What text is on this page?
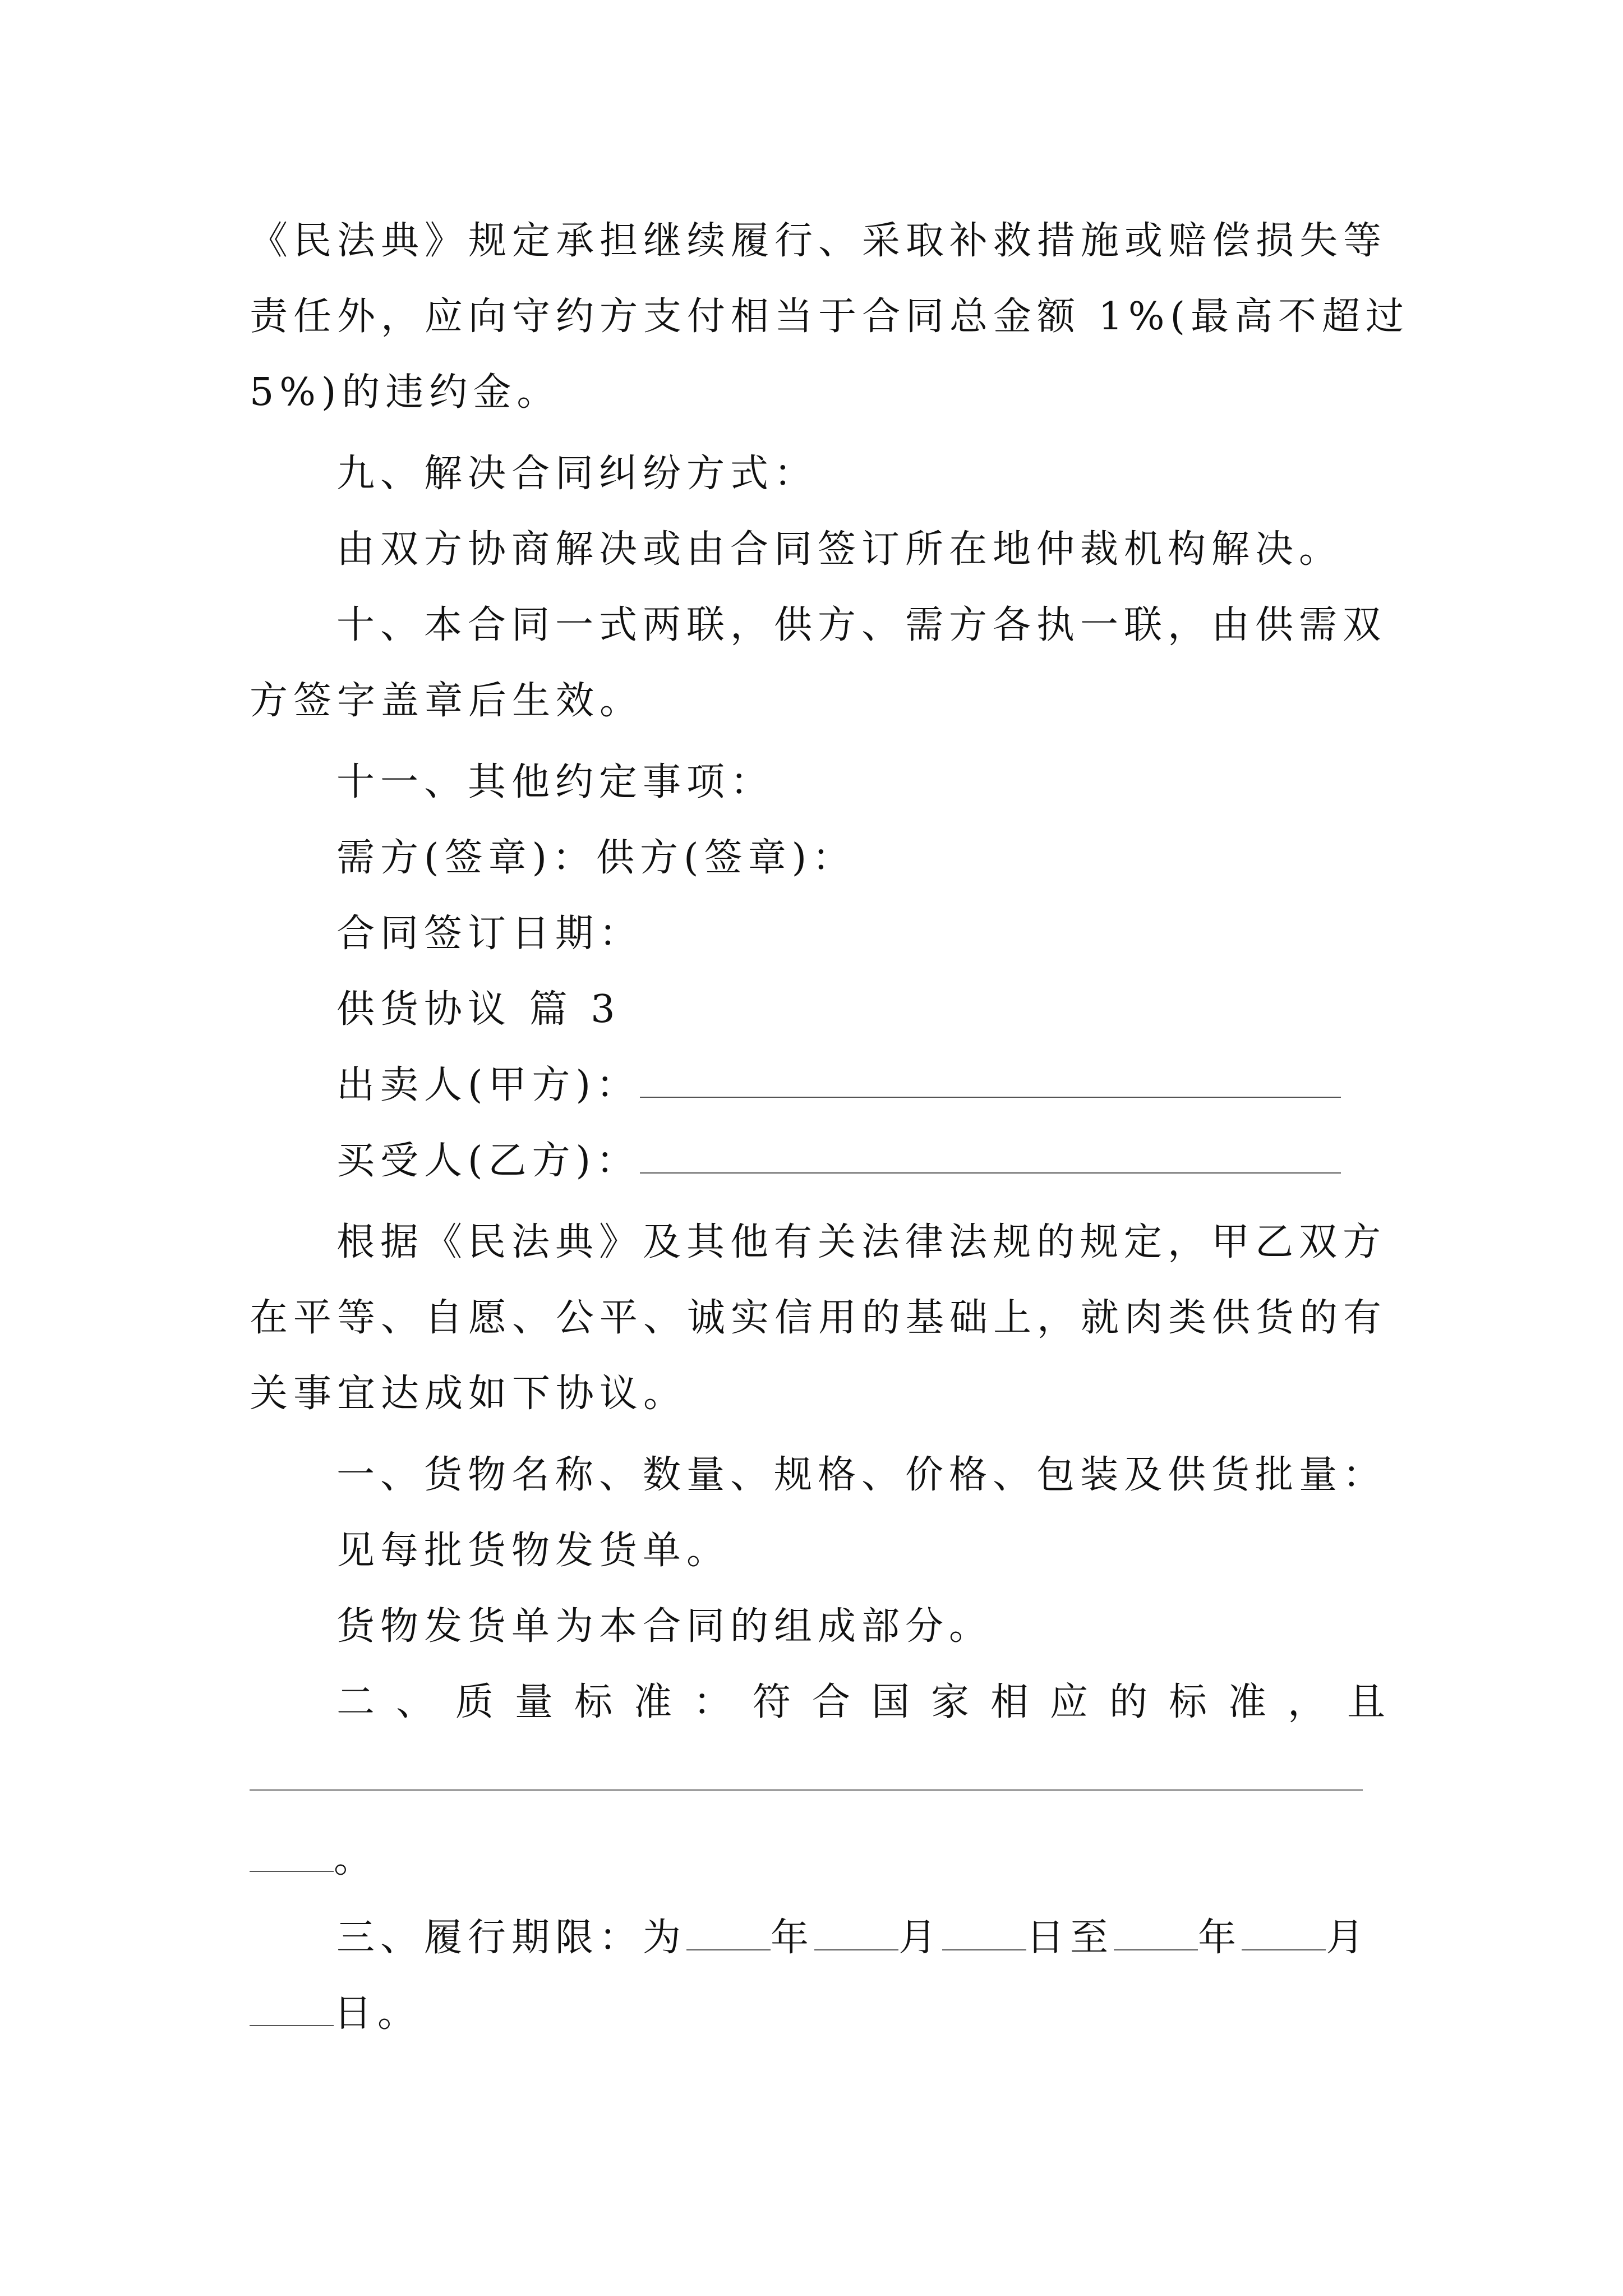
《民法典》规定承担继续履行、采取补救措施或赔偿损失等
责任外，应向守约方支付相当于合同总金额 1%(最高不超过
5%)的违约金。
九、解决合同纠纷方式：
由双方协商解决或由合同签订所在地仲裁机构解决。
十、本合同一式两联，供方、需方各执一联，由供需双
方签字盖章后生效。
十一、其他约定事项：
需方(签章)：供方(签章)：
合同签订日期：
供货协议 篇 3
出卖人(甲方)：
买受人(乙方)：
根据《民法典》及其他有关法律法规的规定，甲乙双方
在平等、自愿、公平、诚实信用的基础上，就肉类供货的有
关事宜达成如下协议。
一、货物名称、数量、规格、价格、包装及供货批量：
见每批货物发货单。
货物发货单为本合同的组成部分。
二、质量标准：符合国家相应的标准，且
。
三、履行期限：为 年 月 日至 年 月
日。
